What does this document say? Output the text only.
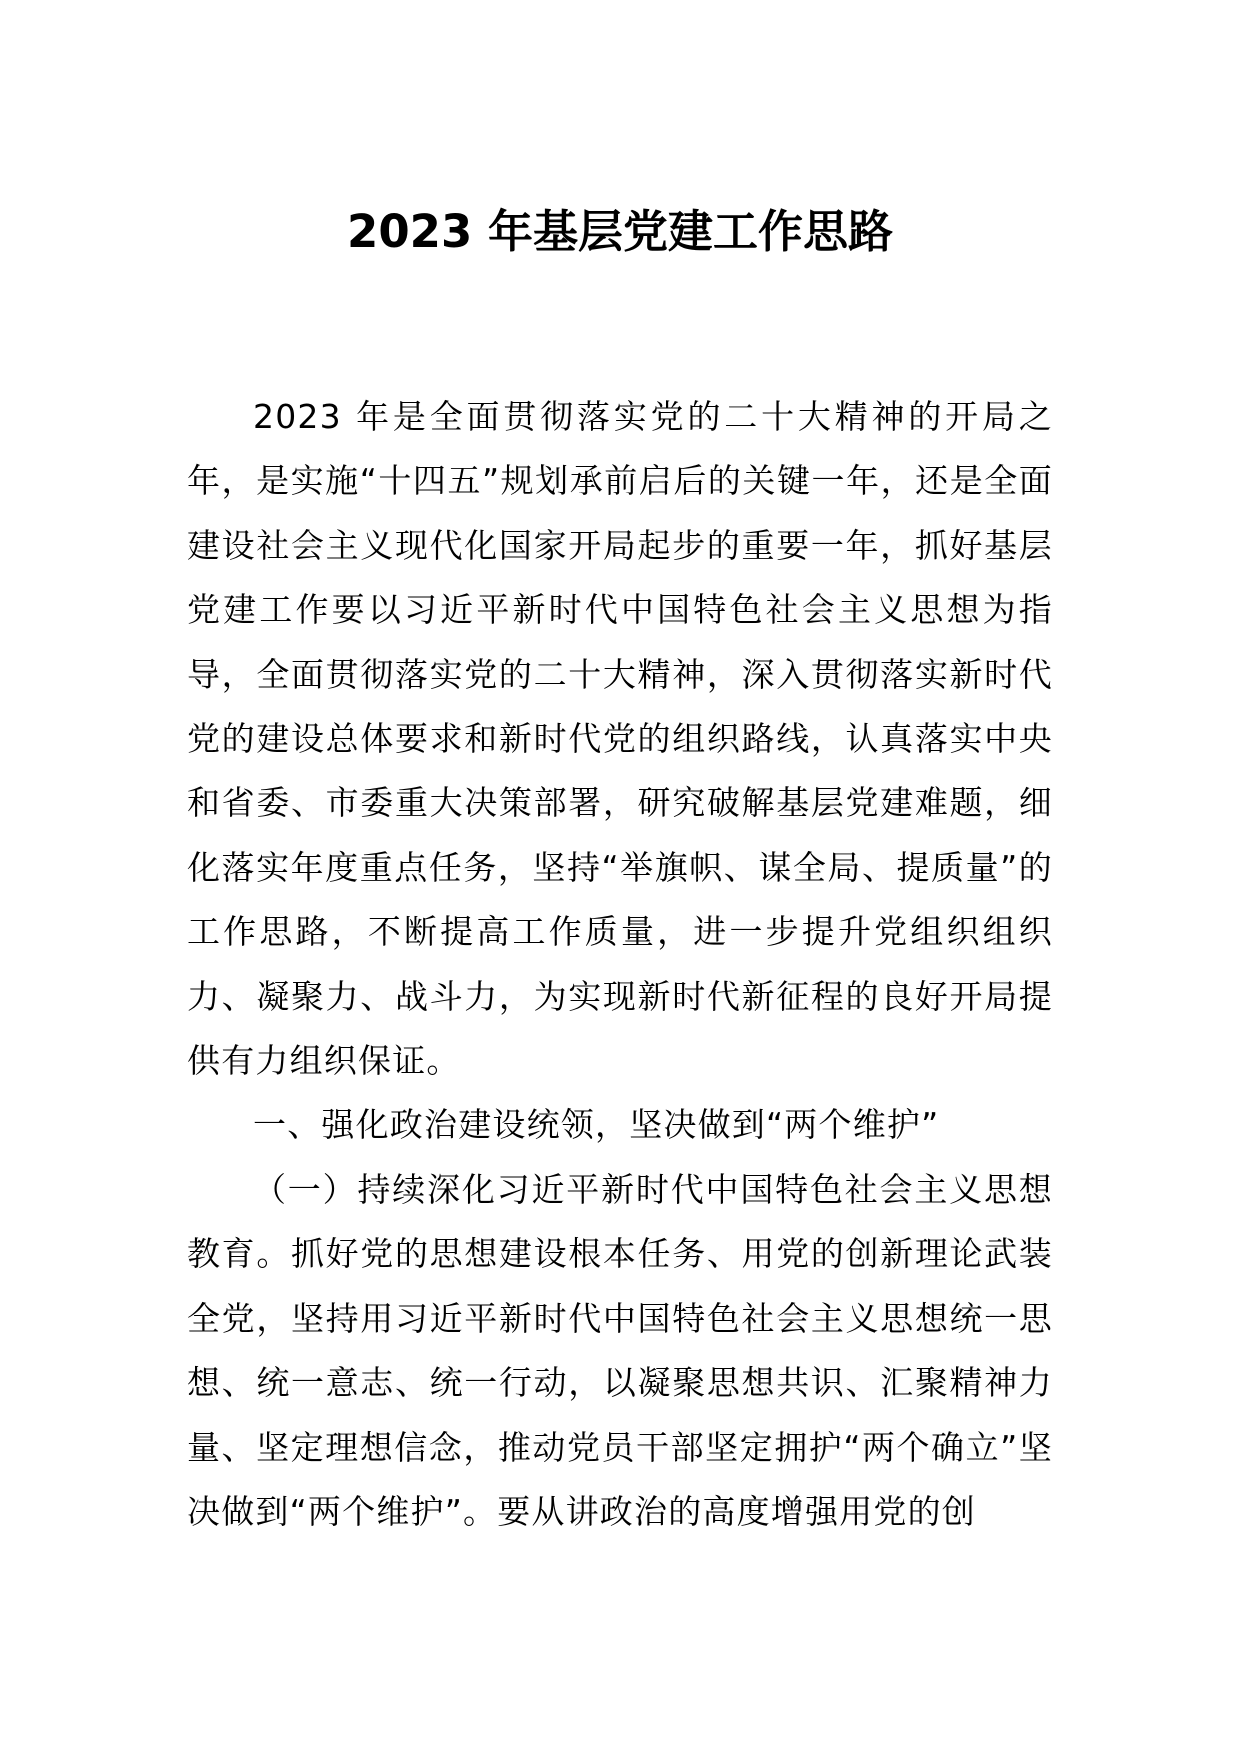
2023 年基层党建工作思路

2023 年是全面贯彻落实党的二十大精神的开局之年，是实施“十四五”规划承前启后的关键一年，还是全面建设社会主义现代化国家开局起步的重要一年，抓好基层党建工作要以习近平新时代中国特色社会主义思想为指导，全面贯彻落实党的二十大精神，深入贯彻落实新时代党的建设总体要求和新时代党的组织路线，认真落实中央和省委、市委重大决策部署，研究破解基层党建难题，细化落实年度重点任务，坚持“举旗帜、谋全局、提质量”的工作思路，不断提高工作质量，进一步提升党组织组织力、凝聚力、战斗力，为实现新时代新征程的良好开局提供有力组织保证。

一、强化政治建设统领，坚决做到“两个维护”

（一）持续深化习近平新时代中国特色社会主义思想教育。抓好党的思想建设根本任务、用党的创新理论武装全党，坚持用习近平新时代中国特色社会主义思想统一思想、统一意志、统一行动，以凝聚思想共识、汇聚精神力量、坚定理想信念，推动党员干部坚定拥护“两个确立”坚决做到“两个维护”。要从讲政治的高度增强用党的创
